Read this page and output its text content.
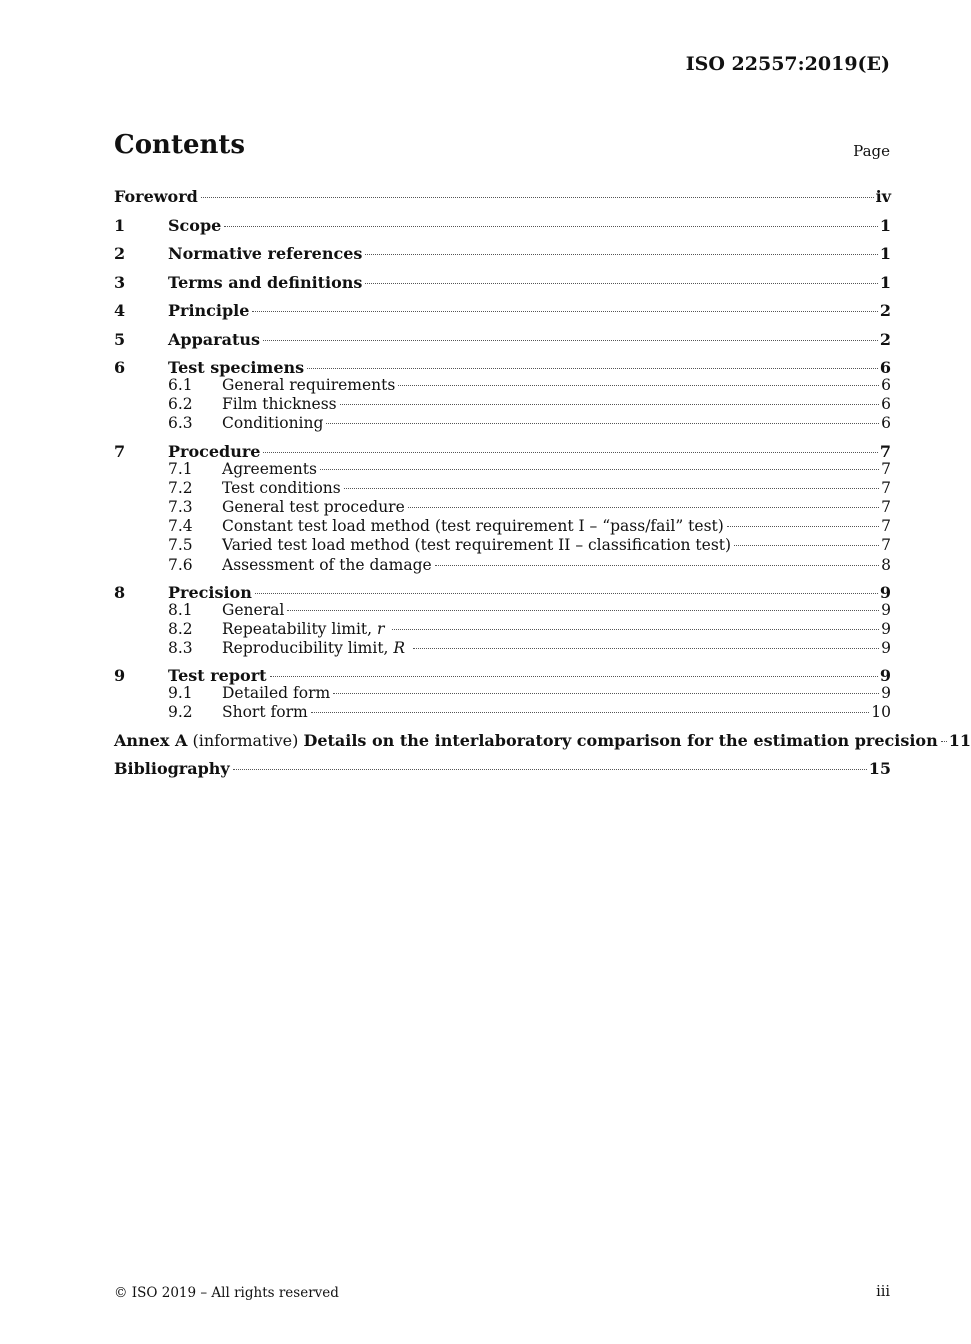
ISO 22557:2019(E)
Contents	Page
Foreword	iv
1	Scope	1
2	Normative references	1
3	Terms and definitions	1
4	Principle	2
5	Apparatus	2
6	Test specimens	6
6.1	General requirements	6
6.2	Film thickness	6
6.3	Conditioning	6
7	Procedure	7
7.1	Agreements	7
7.2	Test conditions	7
7.3	General test procedure	7
7.4	Constant test load method (test requirement I – “pass/fail” test)	7
7.5	Varied test load method (test requirement II – classification test)	7
7.6	Assessment of the damage	8
8	Precision	9
8.1	General	9
8.2	Repeatability limit, r	9
8.3	Reproducibility limit, R	9
9	Test report	9
9.1	Detailed form	9
9.2	Short form	10
Annex A (informative) Details on the interlaboratory comparison for the estimation precision 11
Bibliography	15
© ISO 2019 – All rights reserved	iii
